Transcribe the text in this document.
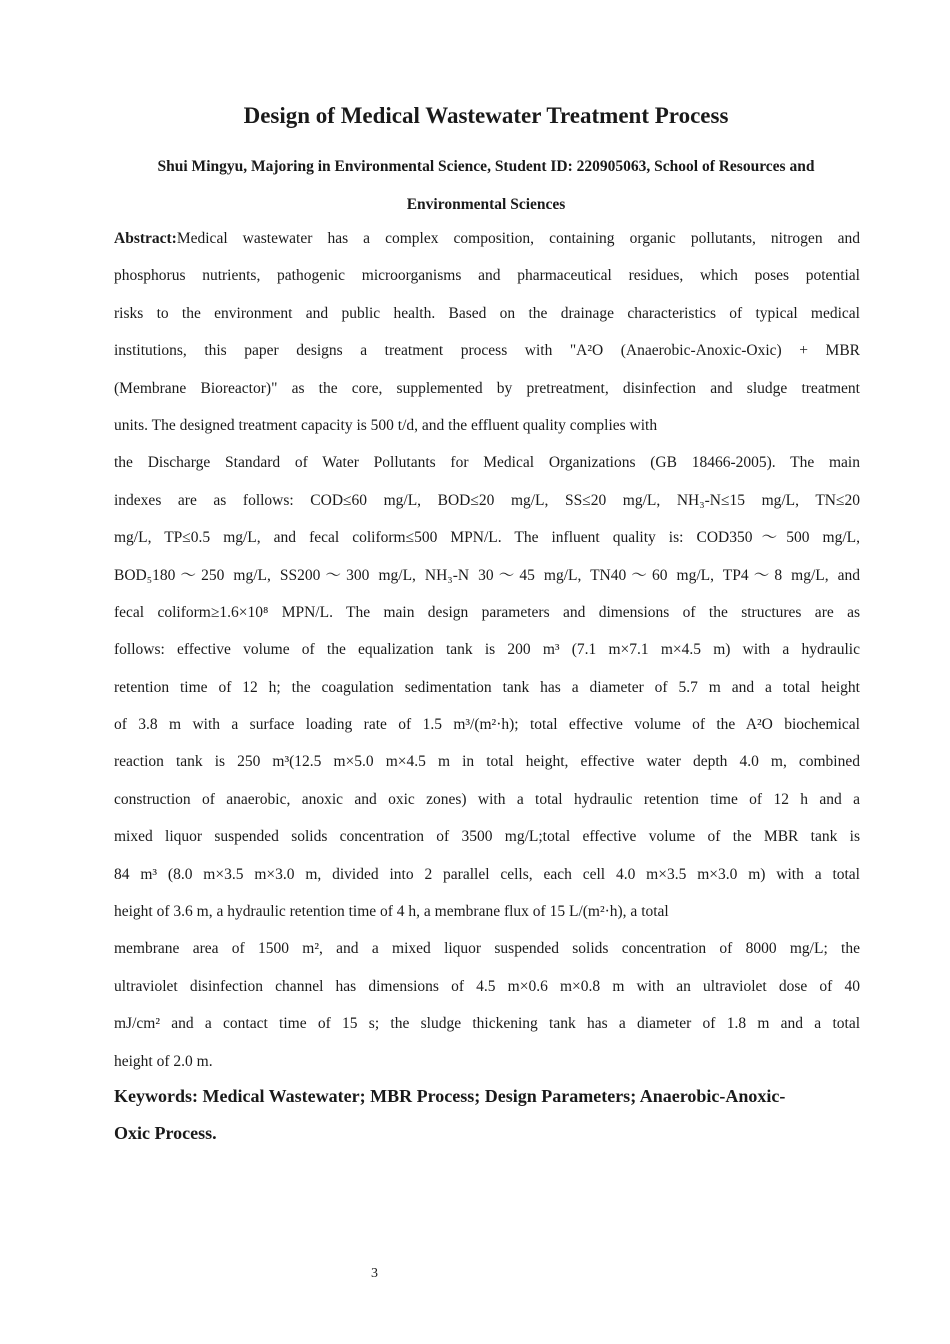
Design of Medical Wastewater Treatment Process
Shui Mingyu, Majoring in Environmental Science, Student ID: 220905063, School of Resources and
Environmental Sciences
Abstract:Medical wastewater has a complex composition, containing organic pollutants, nitrogen and
phosphorus nutrients, pathogenic microorganisms and pharmaceutical residues, which poses potential
risks to the environment and public health. Based on the drainage characteristics of typical medical
institutions, this paper designs a treatment process with "A²O (Anaerobic-Anoxic-Oxic) + MBR
(Membrane Bioreactor)" as the core, supplemented by pretreatment, disinfection and sludge treatment
units. The designed treatment capacity is 500 t/d, and the effluent quality complies with
the Discharge Standard of Water Pollutants for Medical Organizations (GB 18466-2005). The main
indexes are as follows: COD≤60 mg/L, BOD≤20 mg/L, SS≤20 mg/L, NH₃-N≤15 mg/L, TN≤20
mg/L, TP≤0.5 mg/L, and fecal coliform≤500 MPN/L. The influent quality is: COD350～500 mg/L,
BOD₅180～250 mg/L, SS200～300 mg/L, NH₃-N 30～45 mg/L, TN40～60 mg/L, TP4～8 mg/L, and
fecal coliform≥1.6×10⁸ MPN/L. The main design parameters and dimensions of the structures are as
follows: effective volume of the equalization tank is 200 m³ (7.1 m×7.1 m×4.5 m) with a hydraulic
retention time of 12 h; the coagulation sedimentation tank has a diameter of 5.7 m and a total height
of 3.8 m with a surface loading rate of 1.5 m³/(m²·h); total effective volume of the A²O biochemical
reaction tank is 250 m³(12.5 m×5.0 m×4.5 m in total height, effective water depth 4.0 m, combined
construction of anaerobic, anoxic and oxic zones) with a total hydraulic retention time of 12 h and a
mixed liquor suspended solids concentration of 3500 mg/L;total effective volume of the MBR tank is
84 m³ (8.0 m×3.5 m×3.0 m, divided into 2 parallel cells, each cell 4.0 m×3.5 m×3.0 m) with a total
height of 3.6 m, a hydraulic retention time of 4 h, a membrane flux of 15 L/(m²·h), a total
membrane area of 1500 m², and a mixed liquor suspended solids concentration of 8000 mg/L; the
ultraviolet disinfection channel has dimensions of 4.5 m×0.6 m×0.8 m with an ultraviolet dose of 40
mJ/cm² and a contact time of 15 s; the sludge thickening tank has a diameter of 1.8 m and a total
height of 2.0 m.
Keywords: Medical Wastewater; MBR Process; Design Parameters; Anaerobic-Anoxic-
Oxic Process.
3
